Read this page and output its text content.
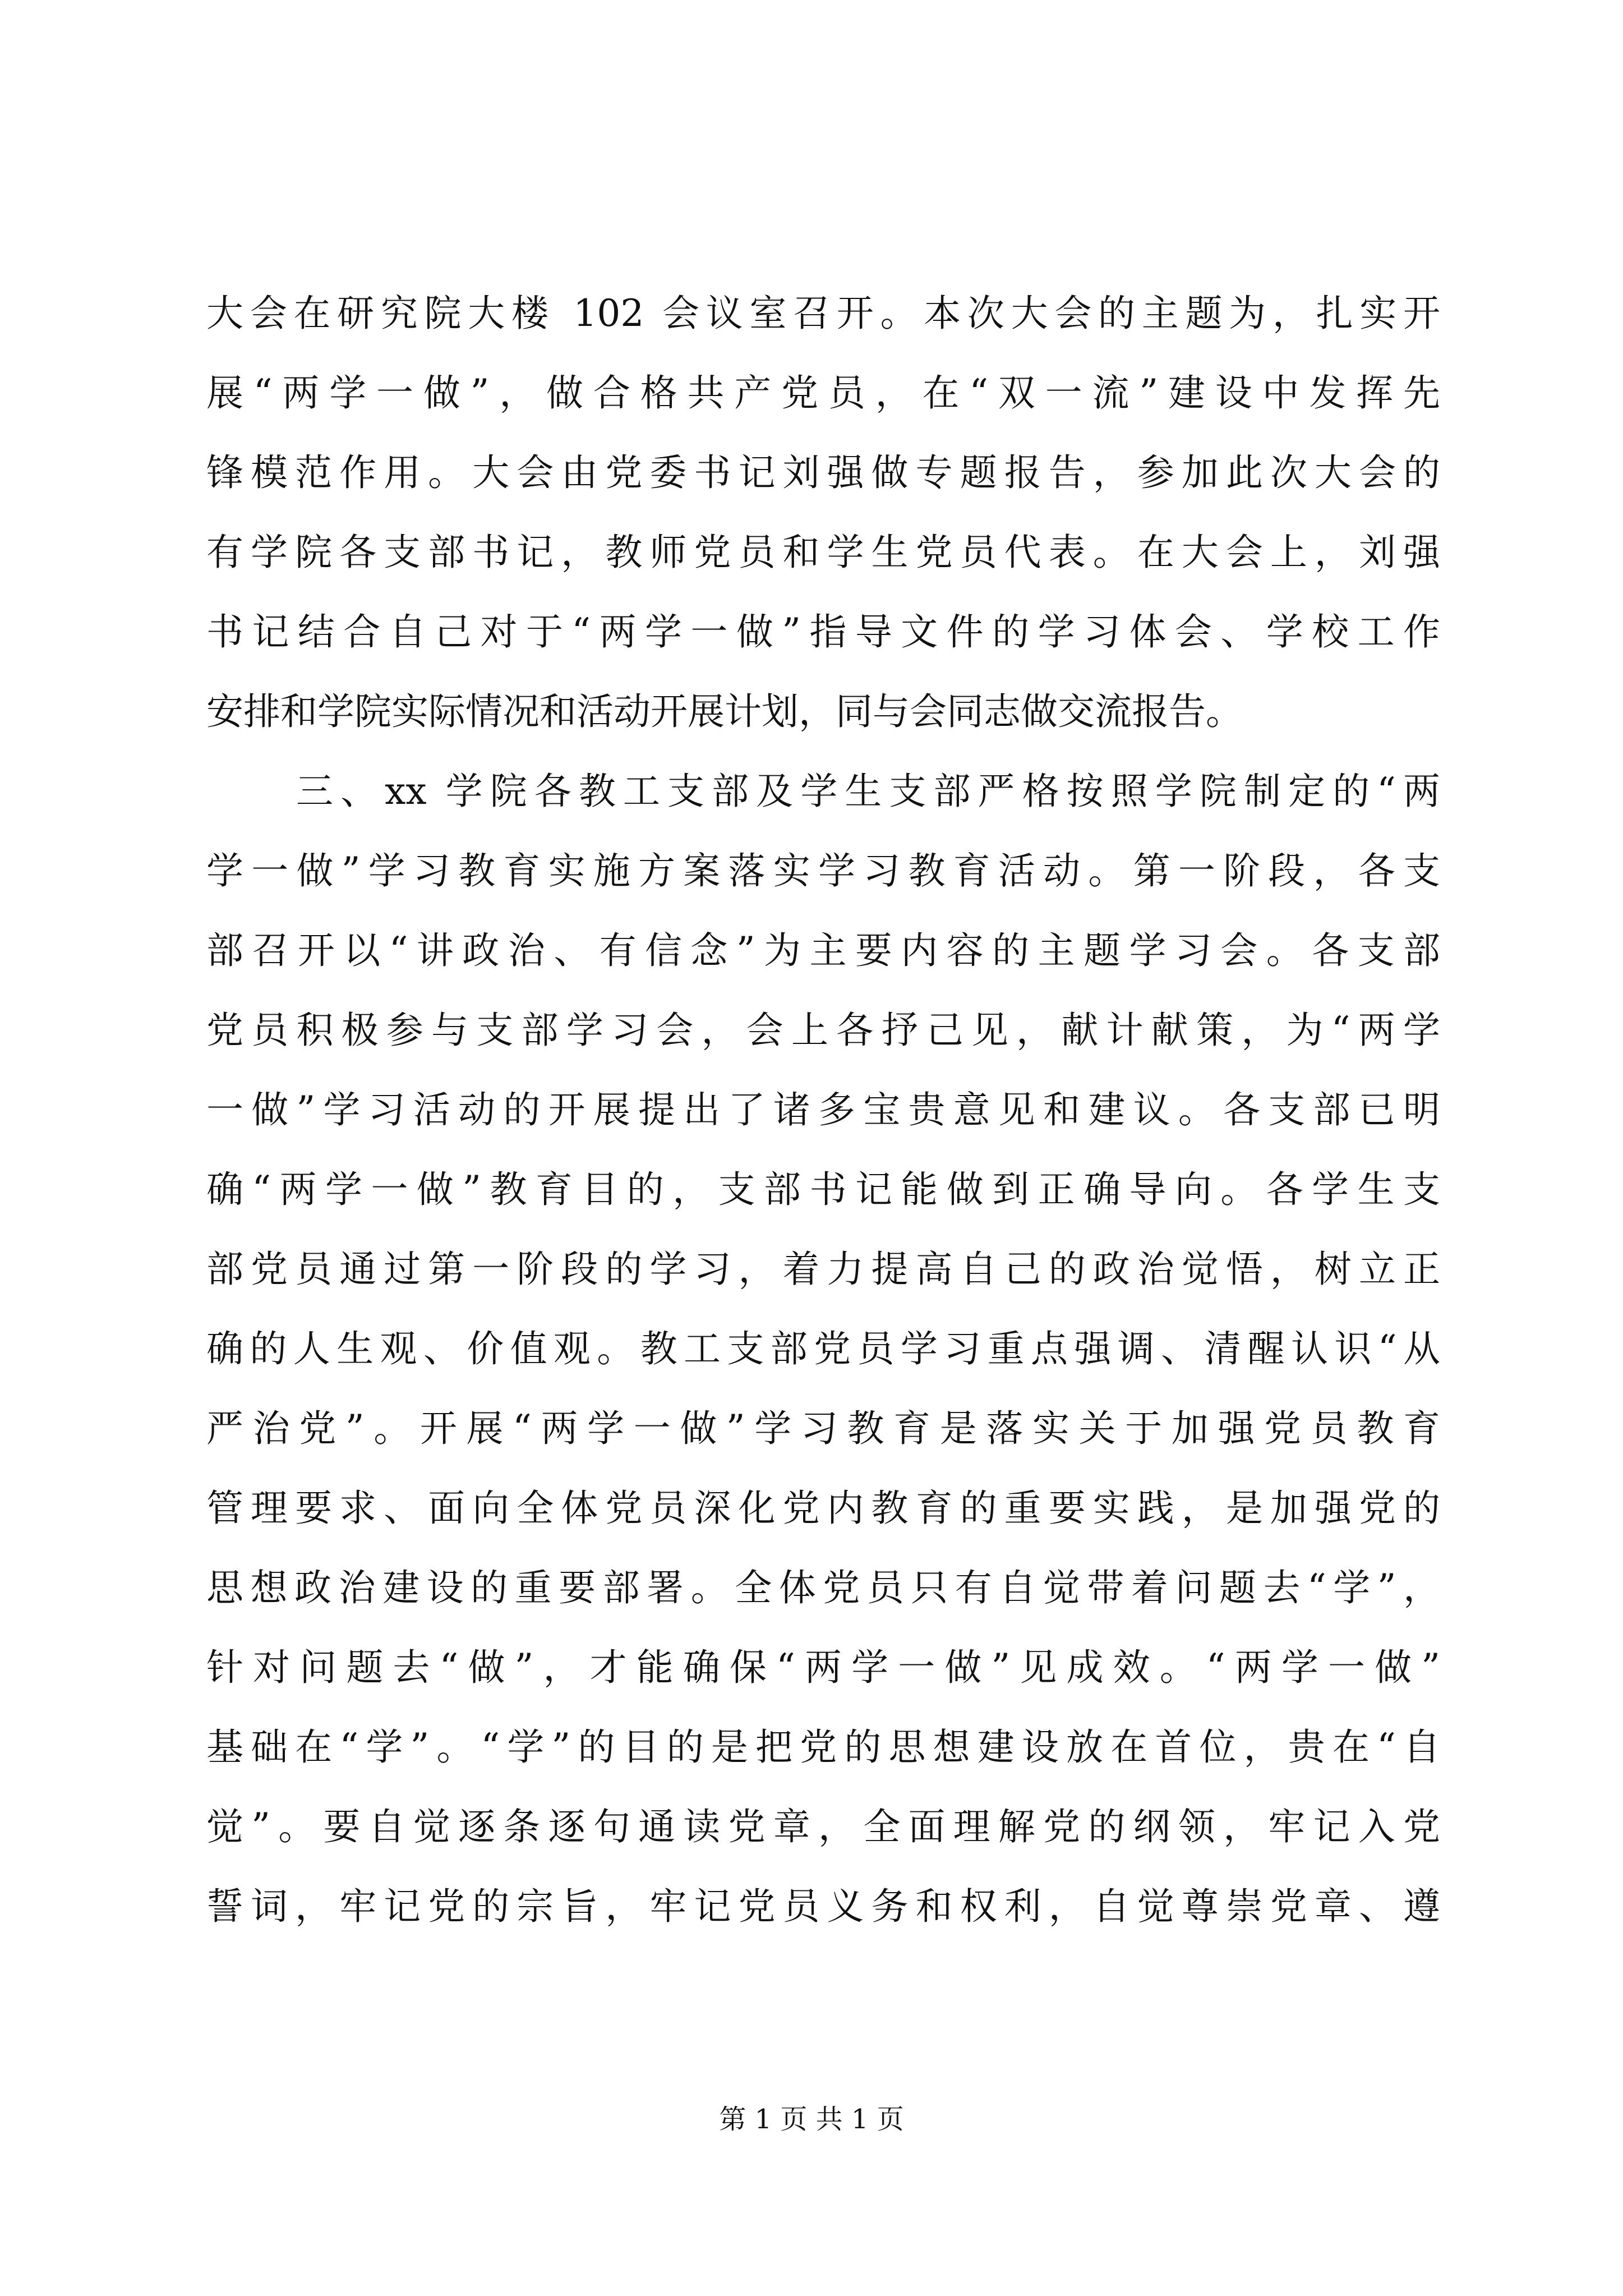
大会在研究院大楼 102 会议室召开。本次大会的主题为，扎实开
展“两学一做”，做合格共产党员，在“双一流”建设中发挥先
锋模范作用。大会由党委书记刘强做专题报告，参加此次大会的
有学院各支部书记，教师党员和学生党员代表。在大会上，刘强
书记结合自己对于“两学一做”指导文件的学习体会、学校工作
安排和学院实际情况和活动开展计划，同与会同志做交流报告。
三、xx 学院各教工支部及学生支部严格按照学院制定的“两
学一做”学习教育实施方案落实学习教育活动。第一阶段，各支
部召开以“讲政治、有信念”为主要内容的主题学习会。各支部
党员积极参与支部学习会，会上各抒己见，献计献策，为“两学
一做”学习活动的开展提出了诸多宝贵意见和建议。各支部已明
确“两学一做”教育目的，支部书记能做到正确导向。各学生支
部党员通过第一阶段的学习，着力提高自己的政治觉悟，树立正
确的人生观、价值观。教工支部党员学习重点强调、清醒认识“从
严治党”。开展“两学一做”学习教育是落实关于加强党员教育
管理要求、面向全体党员深化党内教育的重要实践，是加强党的
思想政治建设的重要部署。全体党员只有自觉带着问题去“学”，
针对问题去“做”，才能确保“两学一做”见成效。“两学一做”
基础在“学”。“学”的目的是把党的思想建设放在首位，贵在“自
觉”。要自觉逐条逐句通读党章，全面理解党的纲领，牢记入党
誓词，牢记党的宗旨，牢记党员义务和权利，自觉尊崇党章、遵
第 1 页 共 1 页
